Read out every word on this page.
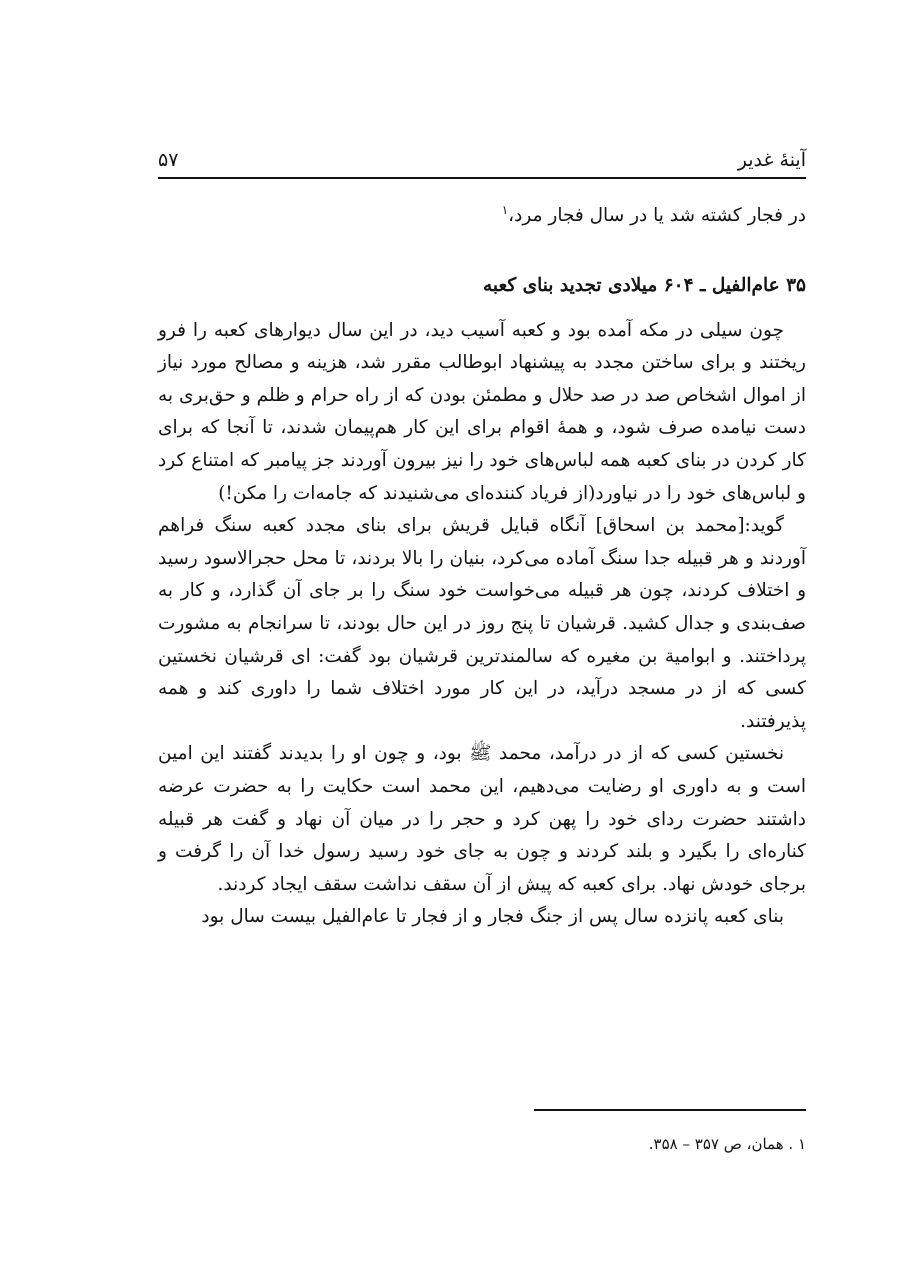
آینهٔ غدیر
۵۷

در فجار کشته شد یا در سال فجار مرد،$^۱$

۳۵ عام‌الفیل ـ ۶۰۴ میلادی تجدید بنای کعبه

چون سیلی در مکه آمده بود و کعبه آسیب دید، در این سال دیوارهای کعبه را فرو ریختند و برای ساختن مجدد به پیشنهاد ابوطالب مقرر شد، هزینه و مصالح مورد نیاز از اموال اشخاص صد در صد حلال و مطمئن بودن که از راه حرام و ظلم و حق‌بری به دست نیامده صرف شود، و همهٔ اقوام برای این کار هم‌پیمان شدند، تا آنجا که برای کار کردن در بنای کعبه همه لباس‌های خود را نیز بیرون آوردند جز پیامبر که امتناع کرد و لباس‌های خود را در نیاورد(از فریاد کننده‌ای می‌شنیدند که جامه‌ات را مکن!)

گوید:[محمد بن اسحاق] آنگاه قبایل قریش برای بنای مجدد کعبه سنگ فراهم آوردند و هر قبیله جدا سنگ آماده می‌کرد، بنیان را بالا بردند، تا محل حجرالاسود رسید و اختلاف کردند، چون هر قبیله می‌خواست خود سنگ را بر جای آن گذارد، و کار به صف‌بندی و جدال کشید. قرشیان تا پنج روز در این حال بودند، تا سرانجام به مشورت پرداختند. و ابوامیة بن مغیره که سالمندترین قرشیان بود گفت: ای قرشیان نخستین کسی که از در مسجد درآید، در این کار مورد اختلاف شما را داوری کند و همه پذیرفتند.

نخستین کسی که از در درآمد، محمد ﷺ بود، و چون او را بدیدند گفتند این امین است و به داوری او رضایت می‌دهیم، این محمد است حکایت را به حضرت عرضه داشتند حضرت ردای خود را پهن کرد و حجر را در میان آن نهاد و گفت هر قبیله کناره‌ای را بگیرد و بلند کردند و چون به جای خود رسید رسول خدا آن را گرفت و برجای خودش نهاد. برای کعبه که پیش از آن سقف نداشت سقف ایجاد کردند.

بنای کعبه پانزده سال پس از جنگ فجار و از فجار تا عام‌الفیل بیست سال بود

۱ . همان، ص ۳۵۷ – ۳۵۸.
